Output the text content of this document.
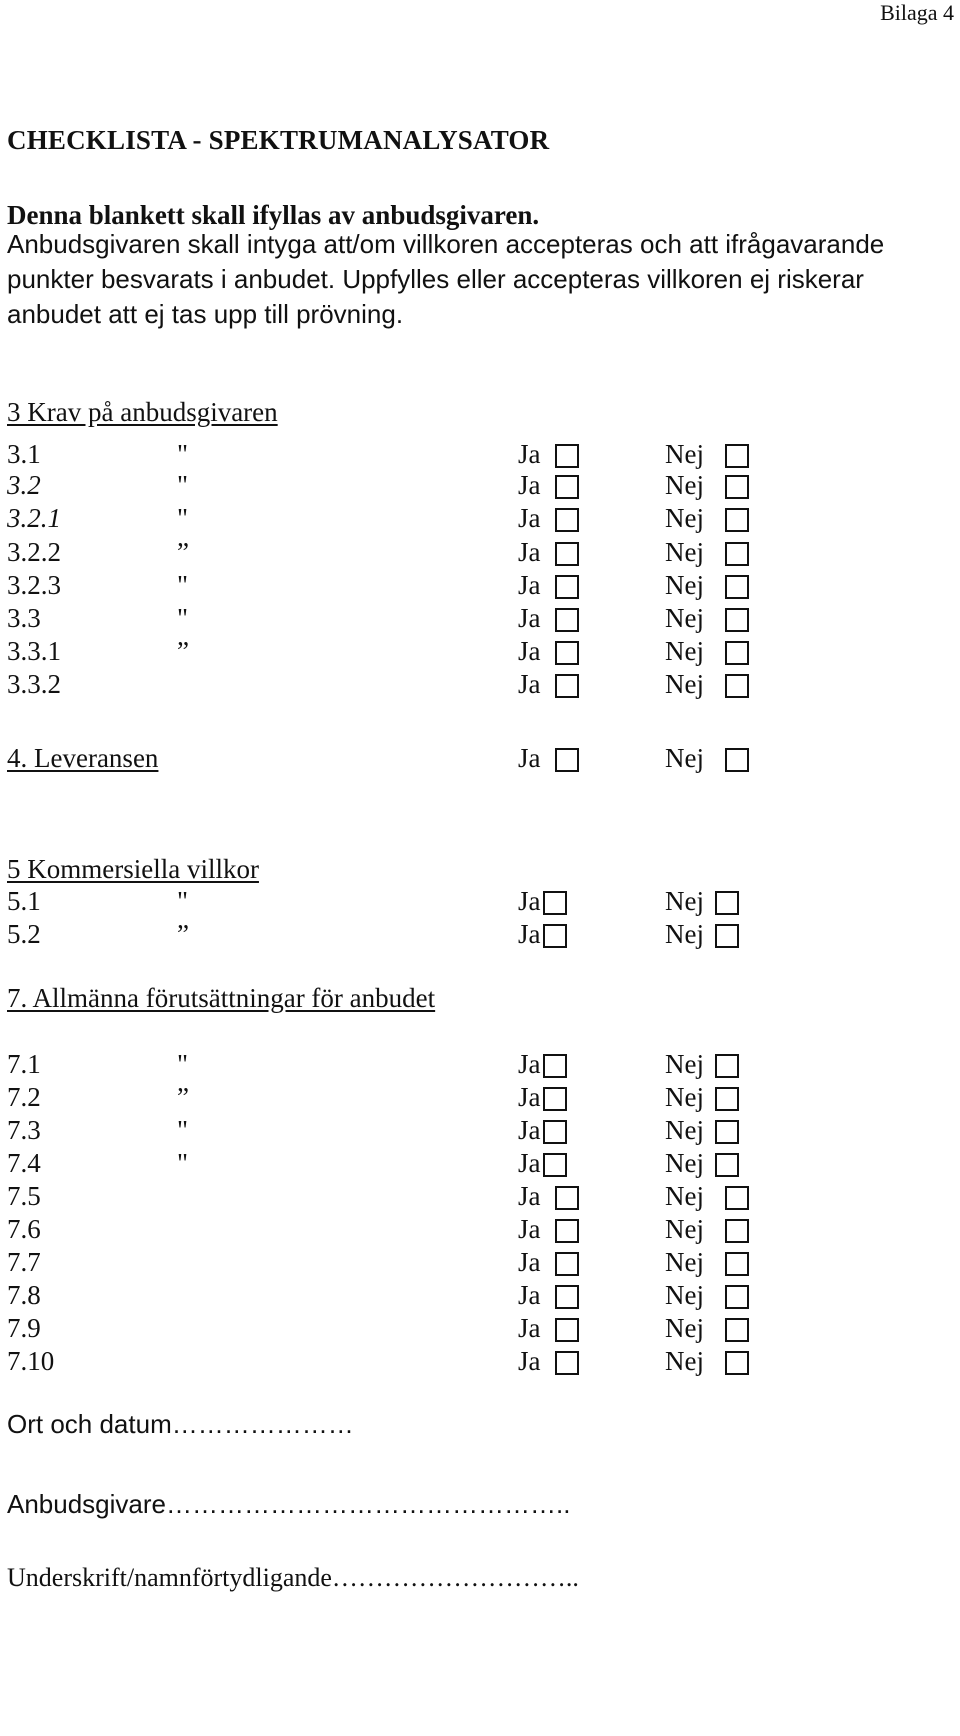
Bilaga 4
CHECKLISTA - SPEKTRUMANALYSATOR
Denna blankett skall ifyllas av anbudsgivaren.

Anbudsgivaren skall intyga att/om villkoren accepteras och att ifrågavarande
punkter besvarats i anbudet. Uppfylles eller accepteras villkoren ej riskerar
anbudet att ej tas upp till prövning.

3 Krav på anbudsgivaren
3.1	"	Ja	Nej
3.2	"	Ja	Nej
3.2.1	"	Ja	Nej
3.2.2	”	Ja	Nej
3.2.3	"	Ja	Nej
3.3	"	Ja	Nej
3.3.1	”	Ja	Nej
3.3.2	Ja	Nej
4. Leveransen	Ja	Nej
5 Kommersiella villkor
5.1	"	Ja	Nej
5.2	”	Ja	Nej
7. Allmänna förutsättningar för anbudet
7.1	"	Ja	Nej
7.2	”	Ja	Nej
7.3	"	Ja	Nej
7.4	"	Ja	Nej
7.5	Ja	Nej
7.6	Ja	Nej
7.7	Ja	Nej
7.8	Ja	Nej
7.9	Ja	Nej
7.10	Ja	Nej
Ort och datum…………………
Anbudsgivare………………………………………..
Underskrift/namnförtydligande………………………..
